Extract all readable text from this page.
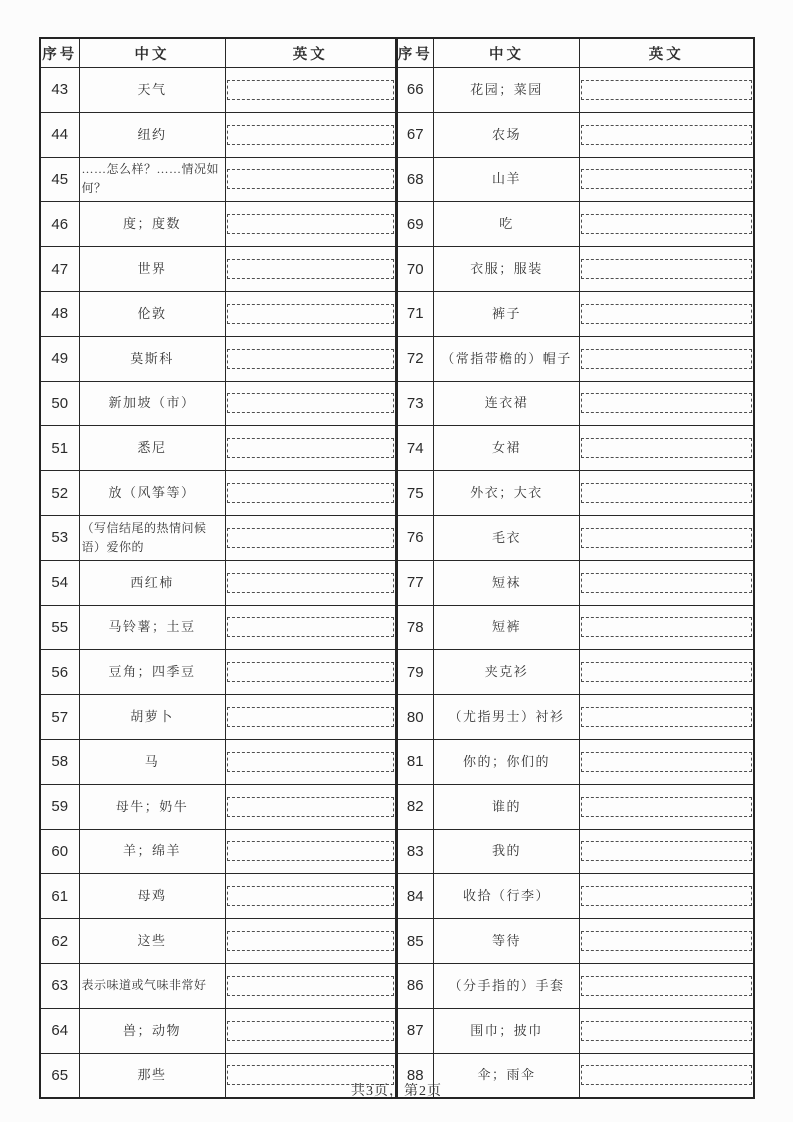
序号	中文	英文
43	天气	

44	纽约	

45	……怎么样？……情况如何？	

46	度；度数	

47	世界	

48	伦敦	

49	莫斯科	

50	新加坡（市）	

51	悉尼	

52	放（风筝等）	

53	（写信结尾的热情问候语）爱你的	

54	西红柿	

55	马铃薯；土豆	

56	豆角；四季豆	

57	胡萝卜	

58	马	

59	母牛；奶牛	

60	羊；绵羊	

61	母鸡	

62	这些	

63	表示味道或气味非常好	

64	兽；动物	

65	那些	
序号	中文	英文
66	花园；菜园	

67	农场	

68	山羊	

69	吃	

70	衣服；服装	

71	裤子	

72	（常指带檐的）帽子	

73	连衣裙	

74	女裙	

75	外衣；大衣	

76	毛衣	

77	短袜	

78	短裤	

79	夹克衫	

80	（尤指男士）衬衫	

81	你的；你们的	

82	谁的	

83	我的	

84	收拾（行李）	

85	等待	

86	（分手指的）手套	

87	围巾；披巾	

88	伞；雨伞	
共3页，第2页
